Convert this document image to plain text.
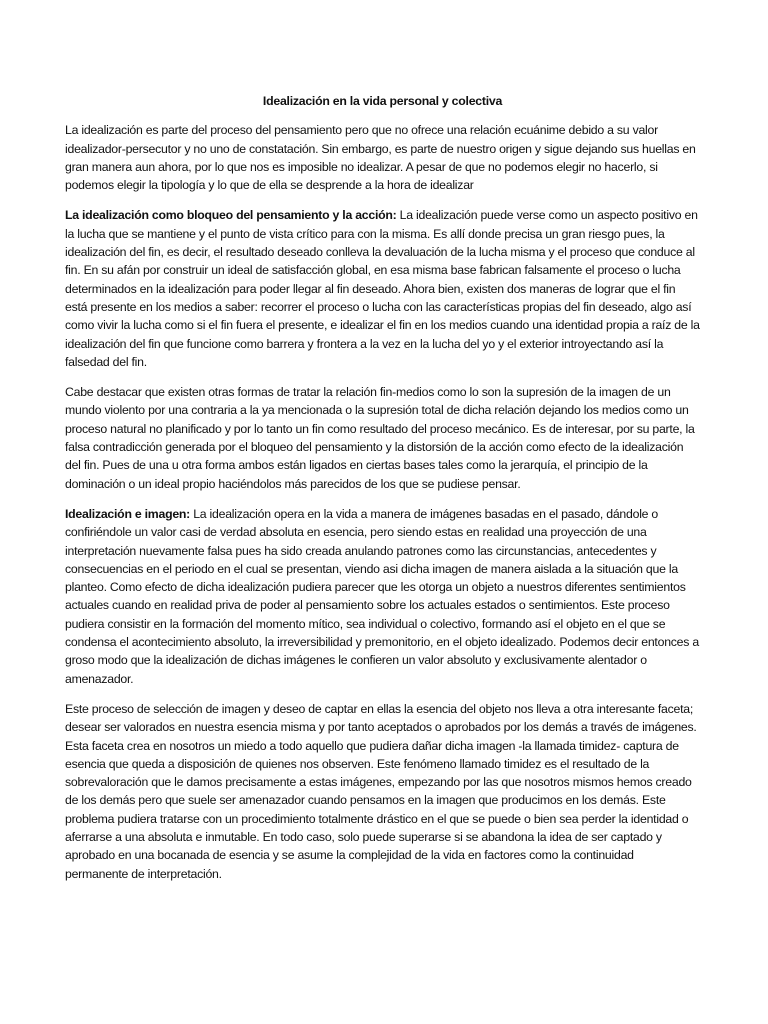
Idealización en la vida personal y colectiva

La idealización es parte del proceso del pensamiento pero que no ofrece una relación ecuánime debido a su valor idealizador-persecutor y no uno de constatación. Sin embargo, es parte de nuestro origen y sigue dejando sus huellas en gran manera aun ahora, por lo que nos es imposible no idealizar. A pesar de que no podemos elegir no hacerlo, si podemos elegir la tipología y lo que de ella se desprende a la hora de idealizar

La idealización como bloqueo del pensamiento y la acción: La idealización puede verse como un aspecto positivo en la lucha que se mantiene y el punto de vista crítico para con la misma. Es allí donde precisa un gran riesgo pues, la idealización del fin, es decir, el resultado deseado conlleva la devaluación de la lucha misma y el proceso que conduce al fin. En su afán por construir un ideal de satisfacción global, en esa misma base fabrican falsamente el proceso o lucha determinados en la idealización para poder llegar al fin deseado. Ahora bien, existen dos maneras de lograr que el fin está presente en los medios a saber: recorrer el proceso o lucha con las características propias del fin deseado, algo así como vivir la lucha como si el fin fuera el presente, e idealizar el fin en los medios cuando una identidad propia a raíz de la idealización del fin que funcione como barrera y frontera a la vez en la lucha del yo y el exterior introyectando así la falsedad del fin.

Cabe destacar que existen otras formas de tratar la relación fin-medios como lo son la supresión de la imagen de un mundo violento por una contraria a la ya mencionada o la supresión total de dicha relación dejando los medios como un proceso natural no planificado y por lo tanto un fin como resultado del proceso mecánico. Es de interesar, por su parte, la falsa contradicción generada por el bloqueo del pensamiento y la distorsión de la acción como efecto de la idealización del fin. Pues de una u otra forma ambos están ligados en ciertas bases tales como la jerarquía, el principio de la dominación o un ideal propio haciéndolos más parecidos de los que se pudiese pensar.

Idealización e imagen: La idealización opera en la vida a manera de imágenes basadas en el pasado, dándole o confiriéndole un valor casi de verdad absoluta en esencia, pero siendo estas en realidad una proyección de una interpretación nuevamente falsa pues ha sido creada anulando patrones como las circunstancias, antecedentes y consecuencias en el periodo en el cual se presentan, viendo asi dicha imagen de manera aislada a la situación que la planteo. Como efecto de dicha idealización pudiera parecer que les otorga un objeto a nuestros diferentes sentimientos actuales cuando en realidad priva de poder al pensamiento sobre los actuales estados o sentimientos. Este proceso pudiera consistir en la formación del momento mítico, sea individual o colectivo, formando así el objeto en el que se condensa el acontecimiento absoluto, la irreversibilidad y premonitorio, en el objeto idealizado. Podemos decir entonces a groso modo que la idealización de dichas imágenes le confieren un valor absoluto y exclusivamente alentador o amenazador.

Este proceso de selección de imagen y deseo de captar en ellas la esencia del objeto nos lleva a otra interesante faceta; desear ser valorados en nuestra esencia misma y por tanto aceptados o aprobados por los demás a través de imágenes. Esta faceta crea en nosotros un miedo a todo aquello que pudiera dañar dicha imagen -la llamada timidez- captura de esencia que queda a disposición de quienes nos observen. Este fenómeno llamado timidez es el resultado de la sobrevaloración que le damos precisamente a estas imágenes, empezando por las que nosotros mismos hemos creado de los demás pero que suele ser amenazador cuando pensamos en la imagen que producimos en los demás. Este problema pudiera tratarse con un procedimiento totalmente drástico en el que se puede o bien sea perder la identidad o aferrarse a una absoluta e inmutable. En todo caso, solo puede superarse si se abandona la idea de ser captado y aprobado en una bocanada de esencia y se asume la complejidad de la vida en factores como la continuidad permanente de interpretación.
